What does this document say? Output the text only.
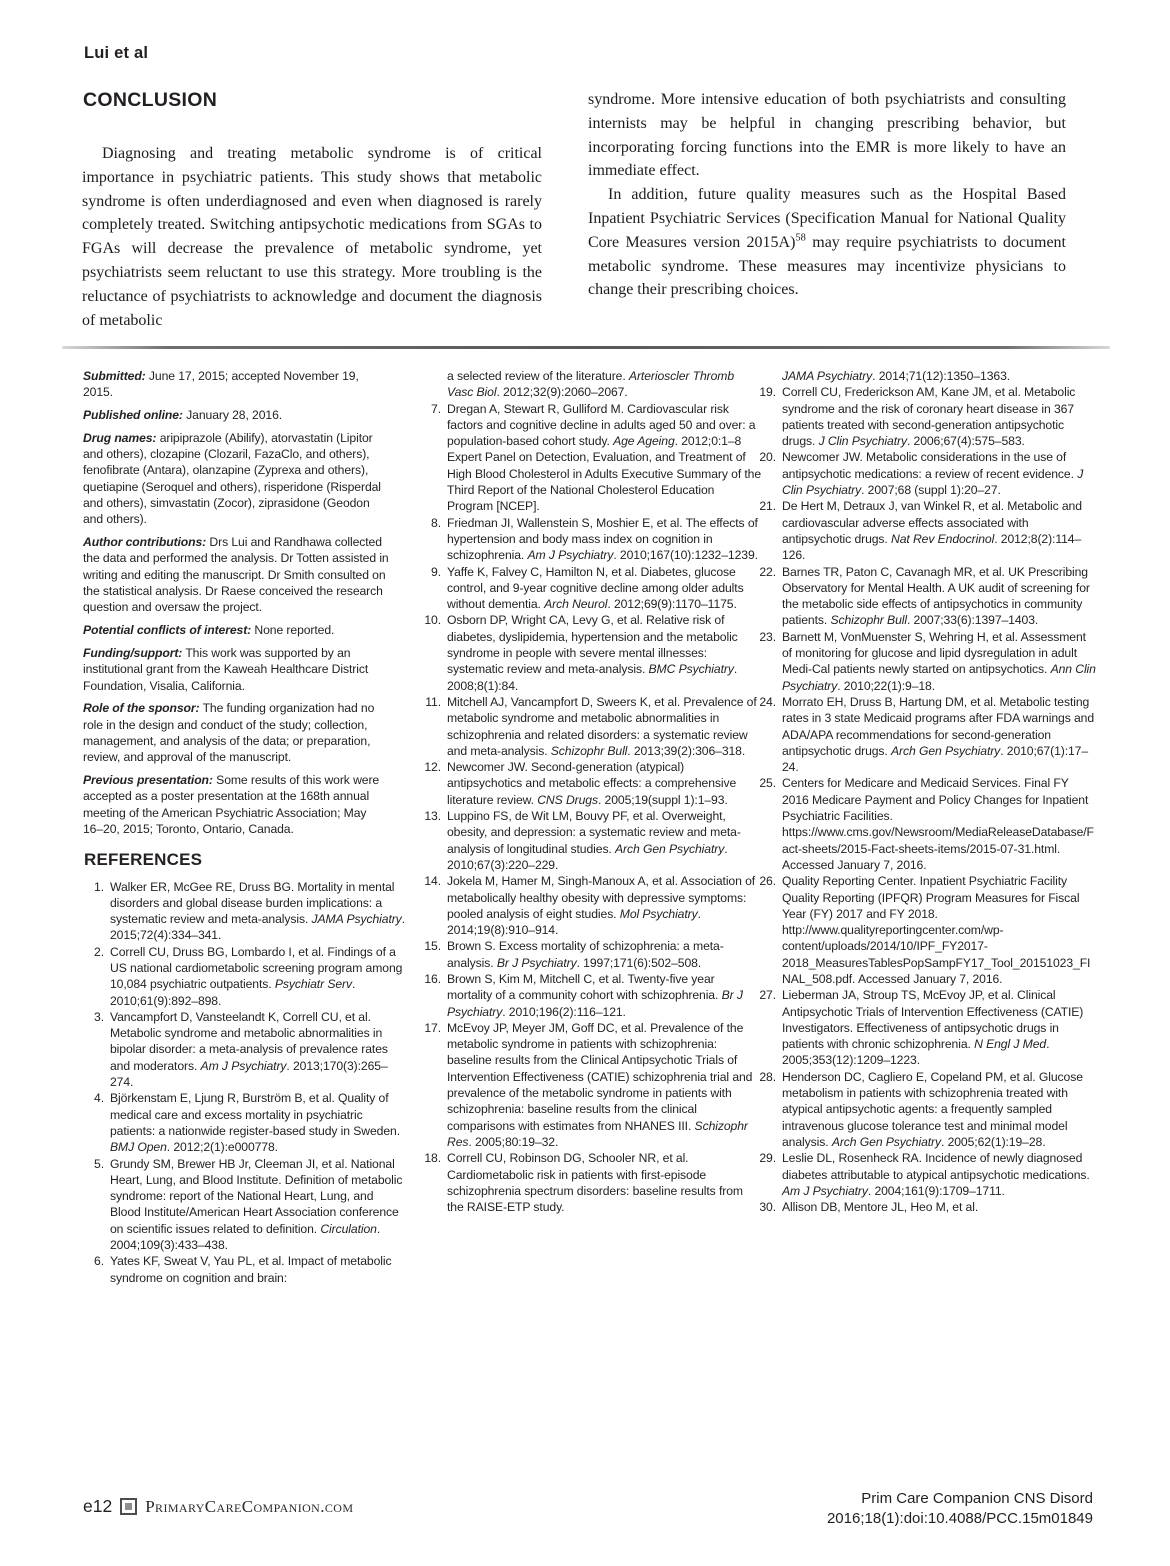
Lui et al
CONCLUSION

Diagnosing and treating metabolic syndrome is of critical importance in psychiatric patients. This study shows that metabolic syndrome is often underdiagnosed and even when diagnosed is rarely completely treated. Switching antipsychotic medications from SGAs to FGAs will decrease the prevalence of metabolic syndrome, yet psychiatrists seem reluctant to use this strategy. More troubling is the reluctance of psychiatrists to acknowledge and document the diagnosis of metabolic

syndrome. More intensive education of both psychiatrists and consulting internists may be helpful in changing prescribing behavior, but incorporating forcing functions into the EMR is more likely to have an immediate effect.

In addition, future quality measures such as the Hospital Based Inpatient Psychiatric Services (Specification Manual for National Quality Core Measures version 2015A)$^{58}$ may require psychiatrists to document metabolic syndrome. These measures may incentivize physicians to change their prescribing choices.

Submitted: June 17, 2015; accepted November 19, 2015.

Published online: January 28, 2016.

Drug names: aripiprazole (Abilify), atorvastatin (Lipitor and others), clozapine (Clozaril, FazaClo, and others), fenofibrate (Antara), olanzapine (Zyprexa and others), quetiapine (Seroquel and others), risperidone (Risperdal and others), simvastatin (Zocor), ziprasidone (Geodon and others).

Author contributions: Drs Lui and Randhawa collected the data and performed the analysis. Dr Totten assisted in writing and editing the manuscript. Dr Smith consulted on the statistical analysis. Dr Raese conceived the research question and oversaw the project.

Potential conflicts of interest: None reported.

Funding/support: This work was supported by an institutional grant from the Kaweah Healthcare District Foundation, Visalia, California.

Role of the sponsor: The funding organization had no role in the design and conduct of the study; collection, management, and analysis of the data; or preparation, review, and approval of the manuscript.

Previous presentation: Some results of this work were accepted as a poster presentation at the 168th annual meeting of the American Psychiatric Association; May 16–20, 2015; Toronto, Ontario, Canada.

REFERENCES
1. Walker ER, McGee RE, Druss BG. Mortality in mental disorders and global disease burden implications: a systematic review and meta-analysis. JAMA Psychiatry. 2015;72(4):334–341.
2. Correll CU, Druss BG, Lombardo I, et al. Findings of a US national cardiometabolic screening program among 10,084 psychiatric outpatients. Psychiatr Serv. 2010;61(9):892–898.
3. Vancampfort D, Vansteelandt K, Correll CU, et al. Metabolic syndrome and metabolic abnormalities in bipolar disorder: a meta-analysis of prevalence rates and moderators. Am J Psychiatry. 2013;170(3):265–274.
4. Björkenstam E, Ljung R, Burström B, et al. Quality of medical care and excess mortality in psychiatric patients: a nationwide register-based study in Sweden. BMJ Open. 2012;2(1):e000778.
5. Grundy SM, Brewer HB Jr, Cleeman JI, et al. National Heart, Lung, and Blood Institute. Definition of metabolic syndrome: report of the National Heart, Lung, and Blood Institute/American Heart Association conference on scientific issues related to definition. Circulation. 2004;109(3):433–438.
6. Yates KF, Sweat V, Yau PL, et al. Impact of metabolic syndrome on cognition and brain:
a selected review of the literature. Arterioscler Thromb Vasc Biol. 2012;32(9):2060–2067.
7. Dregan A, Stewart R, Gulliford M. Cardiovascular risk factors and cognitive decline in adults aged 50 and over: a population-based cohort study. Age Ageing. 2012;0:1–8 Expert Panel on Detection, Evaluation, and Treatment of High Blood Cholesterol in Adults Executive Summary of the Third Report of the National Cholesterol Education Program [NCEP].
8. Friedman JI, Wallenstein S, Moshier E, et al. The effects of hypertension and body mass index on cognition in schizophrenia. Am J Psychiatry. 2010;167(10):1232–1239.
9. Yaffe K, Falvey C, Hamilton N, et al. Diabetes, glucose control, and 9-year cognitive decline among older adults without dementia. Arch Neurol. 2012;69(9):1170–1175.
10. Osborn DP, Wright CA, Levy G, et al. Relative risk of diabetes, dyslipidemia, hypertension and the metabolic syndrome in people with severe mental illnesses: systematic review and meta-analysis. BMC Psychiatry. 2008;8(1):84.
11. Mitchell AJ, Vancampfort D, Sweers K, et al. Prevalence of metabolic syndrome and metabolic abnormalities in schizophrenia and related disorders: a systematic review and meta-analysis. Schizophr Bull. 2013;39(2):306–318.
12. Newcomer JW. Second-generation (atypical) antipsychotics and metabolic effects: a comprehensive literature review. CNS Drugs. 2005;19(suppl 1):1–93.
13. Luppino FS, de Wit LM, Bouvy PF, et al. Overweight, obesity, and depression: a systematic review and meta-analysis of longitudinal studies. Arch Gen Psychiatry. 2010;67(3):220–229.
14. Jokela M, Hamer M, Singh-Manoux A, et al. Association of metabolically healthy obesity with depressive symptoms: pooled analysis of eight studies. Mol Psychiatry. 2014;19(8):910–914.
15. Brown S. Excess mortality of schizophrenia: a meta-analysis. Br J Psychiatry. 1997;171(6):502–508.
16. Brown S, Kim M, Mitchell C, et al. Twenty-five year mortality of a community cohort with schizophrenia. Br J Psychiatry. 2010;196(2):116–121.
17. McEvoy JP, Meyer JM, Goff DC, et al. Prevalence of the metabolic syndrome in patients with schizophrenia: baseline results from the Clinical Antipsychotic Trials of Intervention Effectiveness (CATIE) schizophrenia trial and prevalence of the metabolic syndrome in patients with schizophrenia: baseline results from the clinical comparisons with estimates from NHANES III. Schizophr Res. 2005;80:19–32.
18. Correll CU, Robinson DG, Schooler NR, et al. Cardiometabolic risk in patients with first-episode schizophrenia spectrum disorders: baseline results from the RAISE-ETP study.
JAMA Psychiatry. 2014;71(12):1350–1363.
19. Correll CU, Frederickson AM, Kane JM, et al. Metabolic syndrome and the risk of coronary heart disease in 367 patients treated with second-generation antipsychotic drugs. J Clin Psychiatry. 2006;67(4):575–583.
20. Newcomer JW. Metabolic considerations in the use of antipsychotic medications: a review of recent evidence. J Clin Psychiatry. 2007;68 (suppl 1):20–27.
21. De Hert M, Detraux J, van Winkel R, et al. Metabolic and cardiovascular adverse effects associated with antipsychotic drugs. Nat Rev Endocrinol. 2012;8(2):114–126.
22. Barnes TR, Paton C, Cavanagh MR, et al. UK Prescribing Observatory for Mental Health. A UK audit of screening for the metabolic side effects of antipsychotics in community patients. Schizophr Bull. 2007;33(6):1397–1403.
23. Barnett M, VonMuenster S, Wehring H, et al. Assessment of monitoring for glucose and lipid dysregulation in adult Medi-Cal patients newly started on antipsychotics. Ann Clin Psychiatry. 2010;22(1):9–18.
24. Morrato EH, Druss B, Hartung DM, et al. Metabolic testing rates in 3 state Medicaid programs after FDA warnings and ADA/APA recommendations for second-generation antipsychotic drugs. Arch Gen Psychiatry. 2010;67(1):17–24.
25. Centers for Medicare and Medicaid Services. Final FY 2016 Medicare Payment and Policy Changes for Inpatient Psychiatric Facilities. https://www.cms.gov/Newsroom/MediaReleaseDatabase/Fact-sheets/2015-Fact-sheets-items/2015-07-31.html. Accessed January 7, 2016.
26. Quality Reporting Center. Inpatient Psychiatric Facility Quality Reporting (IPFQR) Program Measures for Fiscal Year (FY) 2017 and FY 2018. http://www.qualityreportingcenter.com/wp-content/uploads/2014/10/IPF_FY2017-2018_MeasuresTablesPopSampFY17_Tool_20151023_FINAL_508.pdf. Accessed January 7, 2016.
27. Lieberman JA, Stroup TS, McEvoy JP, et al. Clinical Antipsychotic Trials of Intervention Effectiveness (CATIE) Investigators. Effectiveness of antipsychotic drugs in patients with chronic schizophrenia. N Engl J Med. 2005;353(12):1209–1223.
28. Henderson DC, Cagliero E, Copeland PM, et al. Glucose metabolism in patients with schizophrenia treated with atypical antipsychotic agents: a frequently sampled intravenous glucose tolerance test and minimal model analysis. Arch Gen Psychiatry. 2005;62(1):19–28.
29. Leslie DL, Rosenheck RA. Incidence of newly diagnosed diabetes attributable to atypical antipsychotic medications. Am J Psychiatry. 2004;161(9):1709–1711.
30. Allison DB, Mentore JL, Heo M, et al.
e12 PrimaryCareCompanion.com	Prim Care Companion CNS Disord
2016;18(1):doi:10.4088/PCC.15m01849
